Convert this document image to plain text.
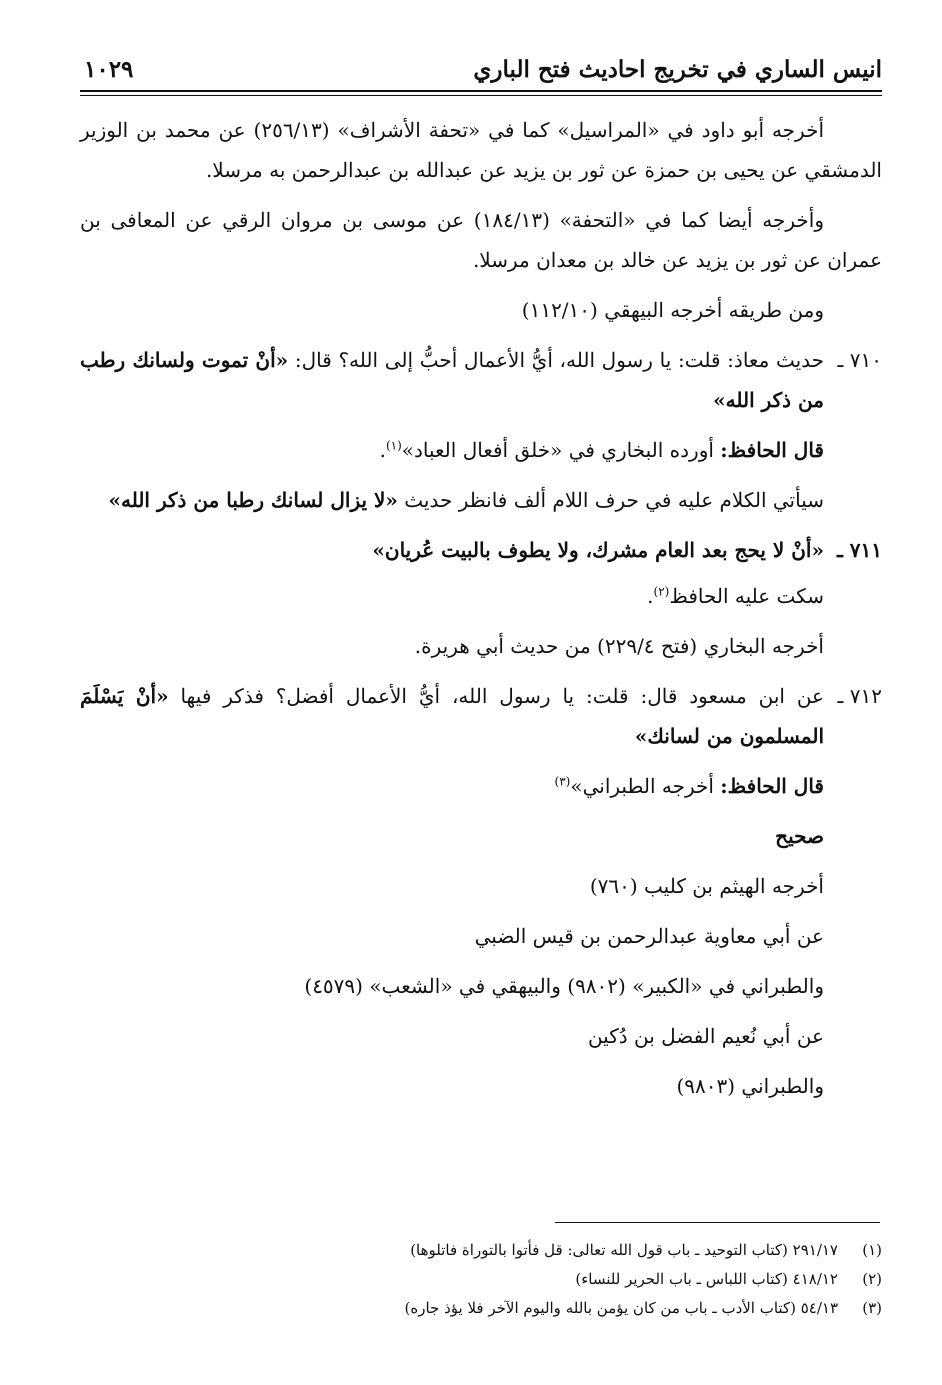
انيس الساري في تخريج احاديث فتح الباري
١٠٢٩

أخرجه أبو داود في «المراسيل» كما في «تحفة الأشراف» (٢٥٦/١٣) عن محمد بن الوزير الدمشقي عن يحيى بن حمزة عن ثور بن يزيد عن عبدالله بن عبدالرحمن به مرسلا.

وأخرجه أيضا كما في «التحفة» (١٨٤/١٣) عن موسى بن مروان الرقي عن المعافى بن عمران عن ثور بن يزيد عن خالد بن معدان مرسلا.

ومن طريقه أخرجه البيهقي (١١٢/١٠)

٧١٠ ـ
حديث معاذ: قلت: يا رسول الله، أيُّ الأعمال أحبُّ إلى الله؟ قال: «أنْ تموت ولسانك رطب من ذكر الله»

قال الحافظ: أورده البخاري في «خلق أفعال العباد»$^{(١)}$.

سيأتي الكلام عليه في حرف اللام ألف فانظر حديث «لا يزال لسانك رطبا من ذكر الله»

٧١١ ـ
«أنْ لا يحج بعد العام مشرك، ولا يطوف بالبيت عُريان»

سكت عليه الحافظ$^{(٢)}$.

أخرجه البخاري (فتح ٢٢٩/٤) من حديث أبي هريرة.

٧١٢ ـ
عن ابن مسعود قال: قلت: يا رسول الله، أيُّ الأعمال أفضل؟ فذكر فيها «أنْ يَسْلَمَ المسلمون من لسانك»

قال الحافظ: أخرجه الطبراني»$^{(٣)}$

صحيح

أخرجه الهيثم بن كليب (٧٦٠)

عن أبي معاوية عبدالرحمن بن قيس الضبي

والطبراني في «الكبير» (٩٨٠٢) والبيهقي في «الشعب» (٤٥٧٩)

عن أبي نُعيم الفضل بن دُكين

والطبراني (٩٨٠٣)

(١)٢٩١/١٧ (كتاب التوحيد ـ باب قول الله تعالى: قل فأتوا بالتوراة فاتلوها)
(٢)٤١٨/١٢ (كتاب اللباس ـ باب الحرير للنساء)
(٣)٥٤/١٣ (كتاب الأدب ـ باب من كان يؤمن بالله واليوم الآخر فلا يؤذ جاره)
